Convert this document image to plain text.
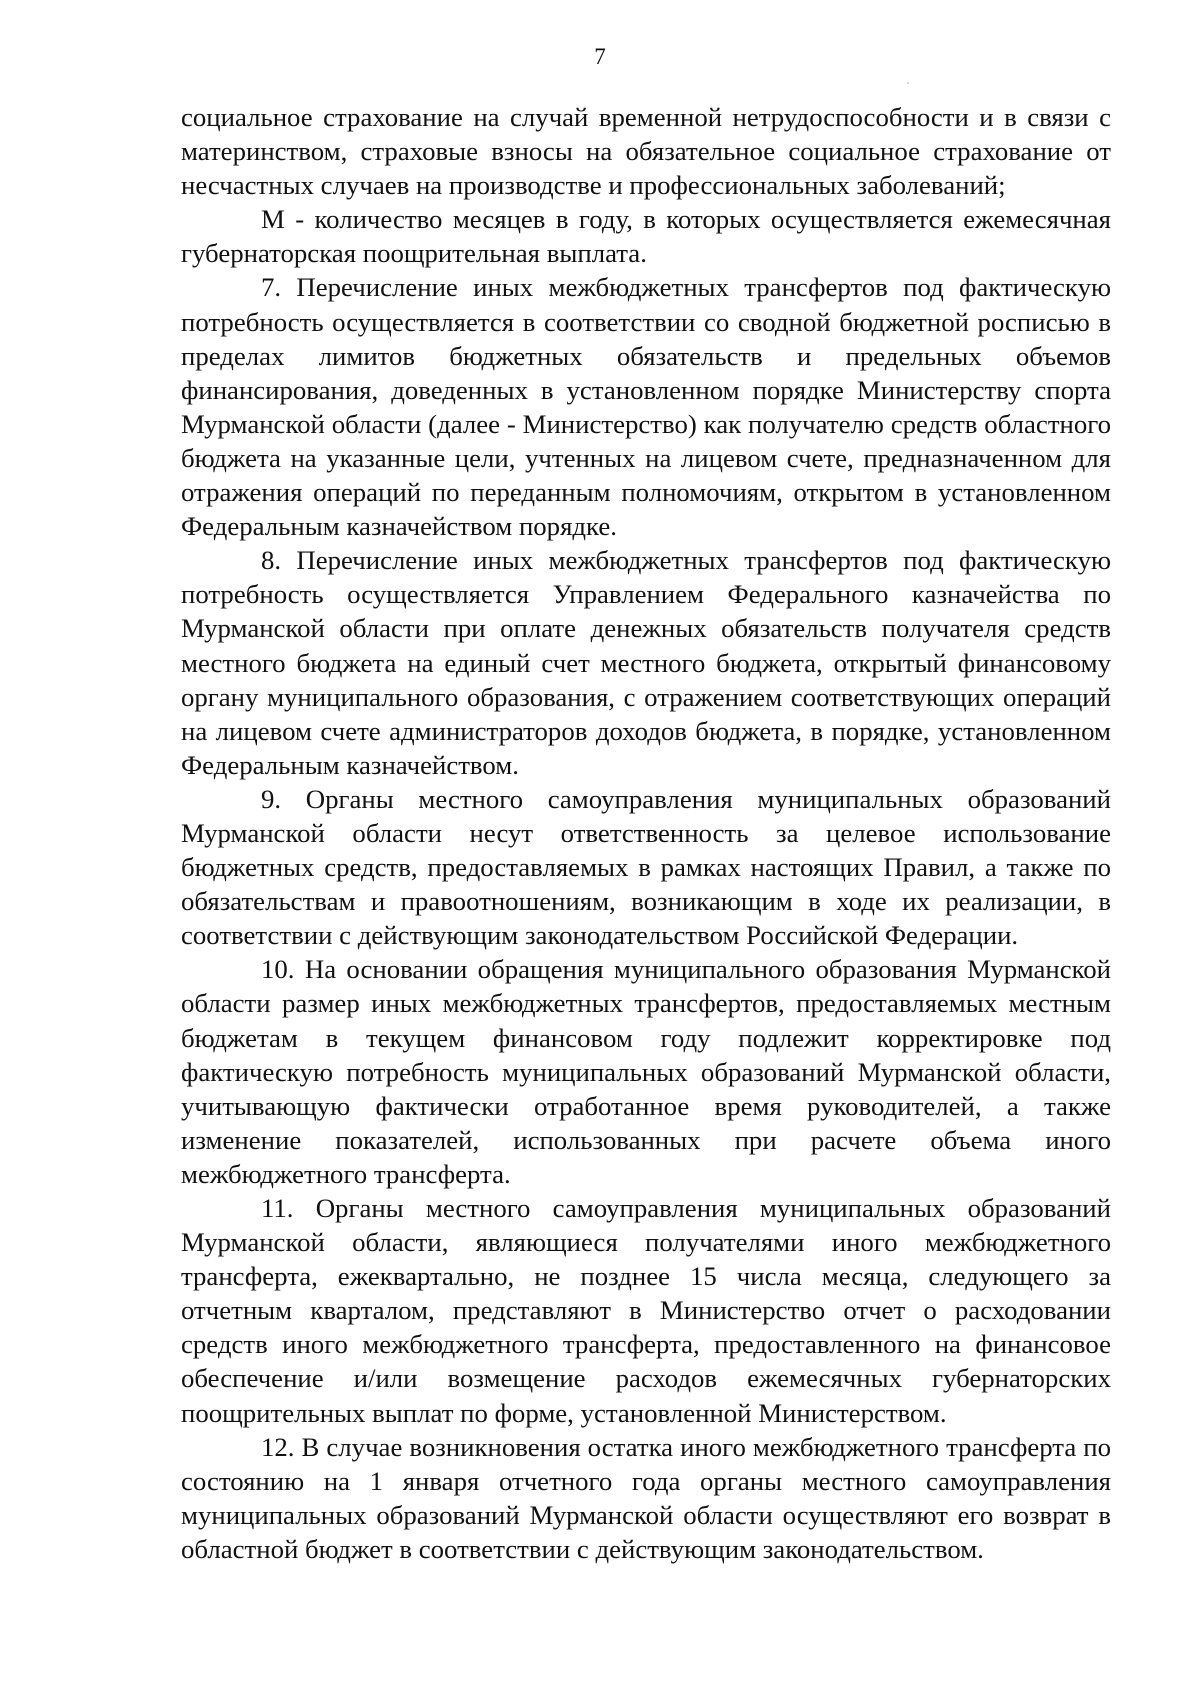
7

социальное страхование на случай временной нетрудоспособности и в связи с материнством, страховые взносы на обязательное социальное страхование от несчастных случаев на производстве и профессиональных заболеваний;

М - количество месяцев в году, в которых осуществляется ежемесячная губернаторская поощрительная выплата.

7. Перечисление иных межбюджетных трансфертов под фактическую потребность осуществляется в соответствии со сводной бюджетной росписью в пределах лимитов бюджетных обязательств и предельных объемов финансирования, доведенных в установленном порядке Министерству спорта Мурманской области (далее - Министерство) как получателю средств областного бюджета на указанные цели, учтенных на лицевом счете, предназначенном для отражения операций по переданным полномочиям, открытом в установленном Федеральным казначейством порядке.

8. Перечисление иных межбюджетных трансфертов под фактическую потребность осуществляется Управлением Федерального казначейства по Мурманской области при оплате денежных обязательств получателя средств местного бюджета на единый счет местного бюджета, открытый финансовому органу муниципального образования, с отражением соответствующих операций на лицевом счете администраторов доходов бюджета, в порядке, установленном Федеральным казначейством.

9. Органы местного самоуправления муниципальных образований Мурманской области несут ответственность за целевое использование бюджетных средств, предоставляемых в рамках настоящих Правил, а также по обязательствам и правоотношениям, возникающим в ходе их реализации, в соответствии с действующим законодательством Российской Федерации.

10. На основании обращения муниципального образования Мурманской области размер иных межбюджетных трансфертов, предоставляемых местным бюджетам в текущем финансовом году подлежит корректировке под фактическую потребность муниципальных образований Мурманской области, учитывающую фактически отработанное время руководителей, а также изменение показателей, использованных при расчете объема иного межбюджетного трансферта.

11. Органы местного самоуправления муниципальных образований Мурманской области, являющиеся получателями иного межбюджетного трансферта, ежеквартально, не позднее 15 числа месяца, следующего за отчетным кварталом, представляют в Министерство отчет о расходовании средств иного межбюджетного трансферта, предоставленного на финансовое обеспечение и/или возмещение расходов ежемесячных губернаторских поощрительных выплат по форме, установленной Министерством.

12. В случае возникновения остатка иного межбюджетного трансферта по состоянию на 1 января отчетного года органы местного самоуправления муниципальных образований Мурманской области осуществляют его возврат в областной бюджет в соответствии с действующим законодательством.
